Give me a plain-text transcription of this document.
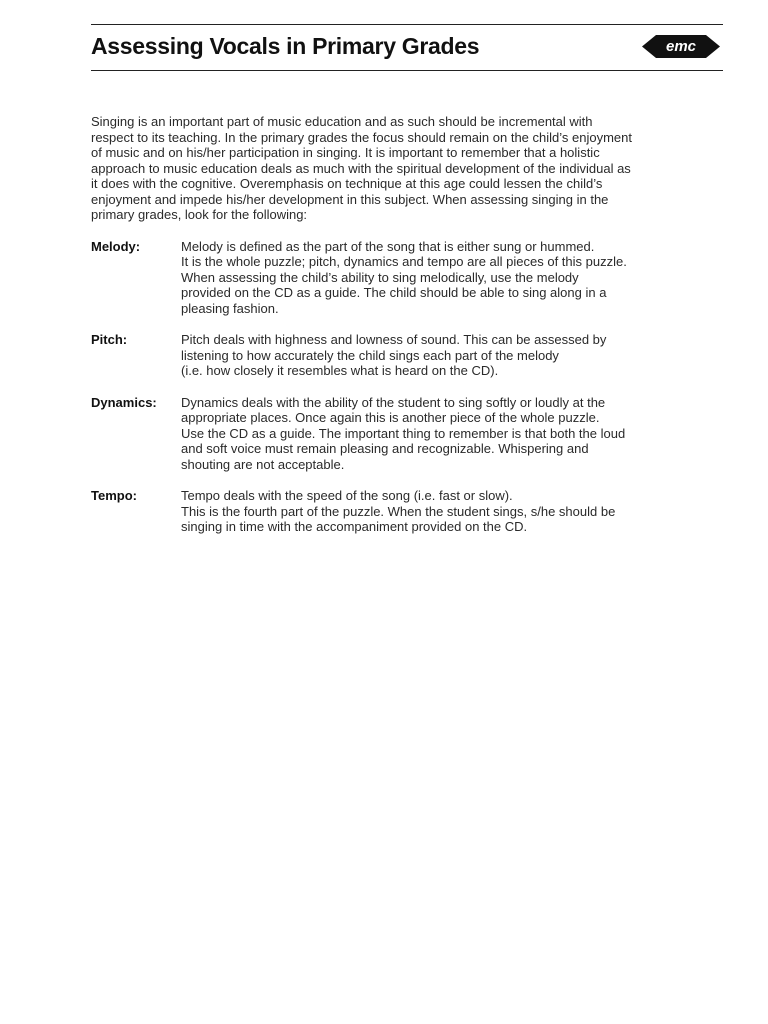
Assessing Vocals in Primary Grades	emc
Singing is an important part of music education and as such should be incremental with
respect to its teaching. In the primary grades the focus should remain on the child’s enjoyment
of music and on his/her participation in singing. It is important to remember that a holistic
approach to music education deals as much with the spiritual development of the individual as
it does with the cognitive. Overemphasis on technique at this age could lessen the child’s
enjoyment and impede his/her development in this subject. When assessing singing in the
primary grades, look for the following:
Melody:	Melody is defined as the part of the song that is either sung or hummed.
It is the whole puzzle; pitch, dynamics and tempo are all pieces of this puzzle.
When assessing the child’s ability to sing melodically, use the melody
provided on the CD as a guide. The child should be able to sing along in a
pleasing fashion.
Pitch:	Pitch deals with highness and lowness of sound. This can be assessed by
listening to how accurately the child sings each part of the melody
(i.e. how closely it resembles what is heard on the CD).
Dynamics:	Dynamics deals with the ability of the student to sing softly or loudly at the
appropriate places. Once again this is another piece of the whole puzzle.
Use the CD as a guide. The important thing to remember is that both the loud
and soft voice must remain pleasing and recognizable. Whispering and
shouting are not acceptable.
Tempo:	Tempo deals with the speed of the song (i.e. fast or slow).
This is the fourth part of the puzzle. When the student sings, s/he should be
singing in time with the accompaniment provided on the CD.
